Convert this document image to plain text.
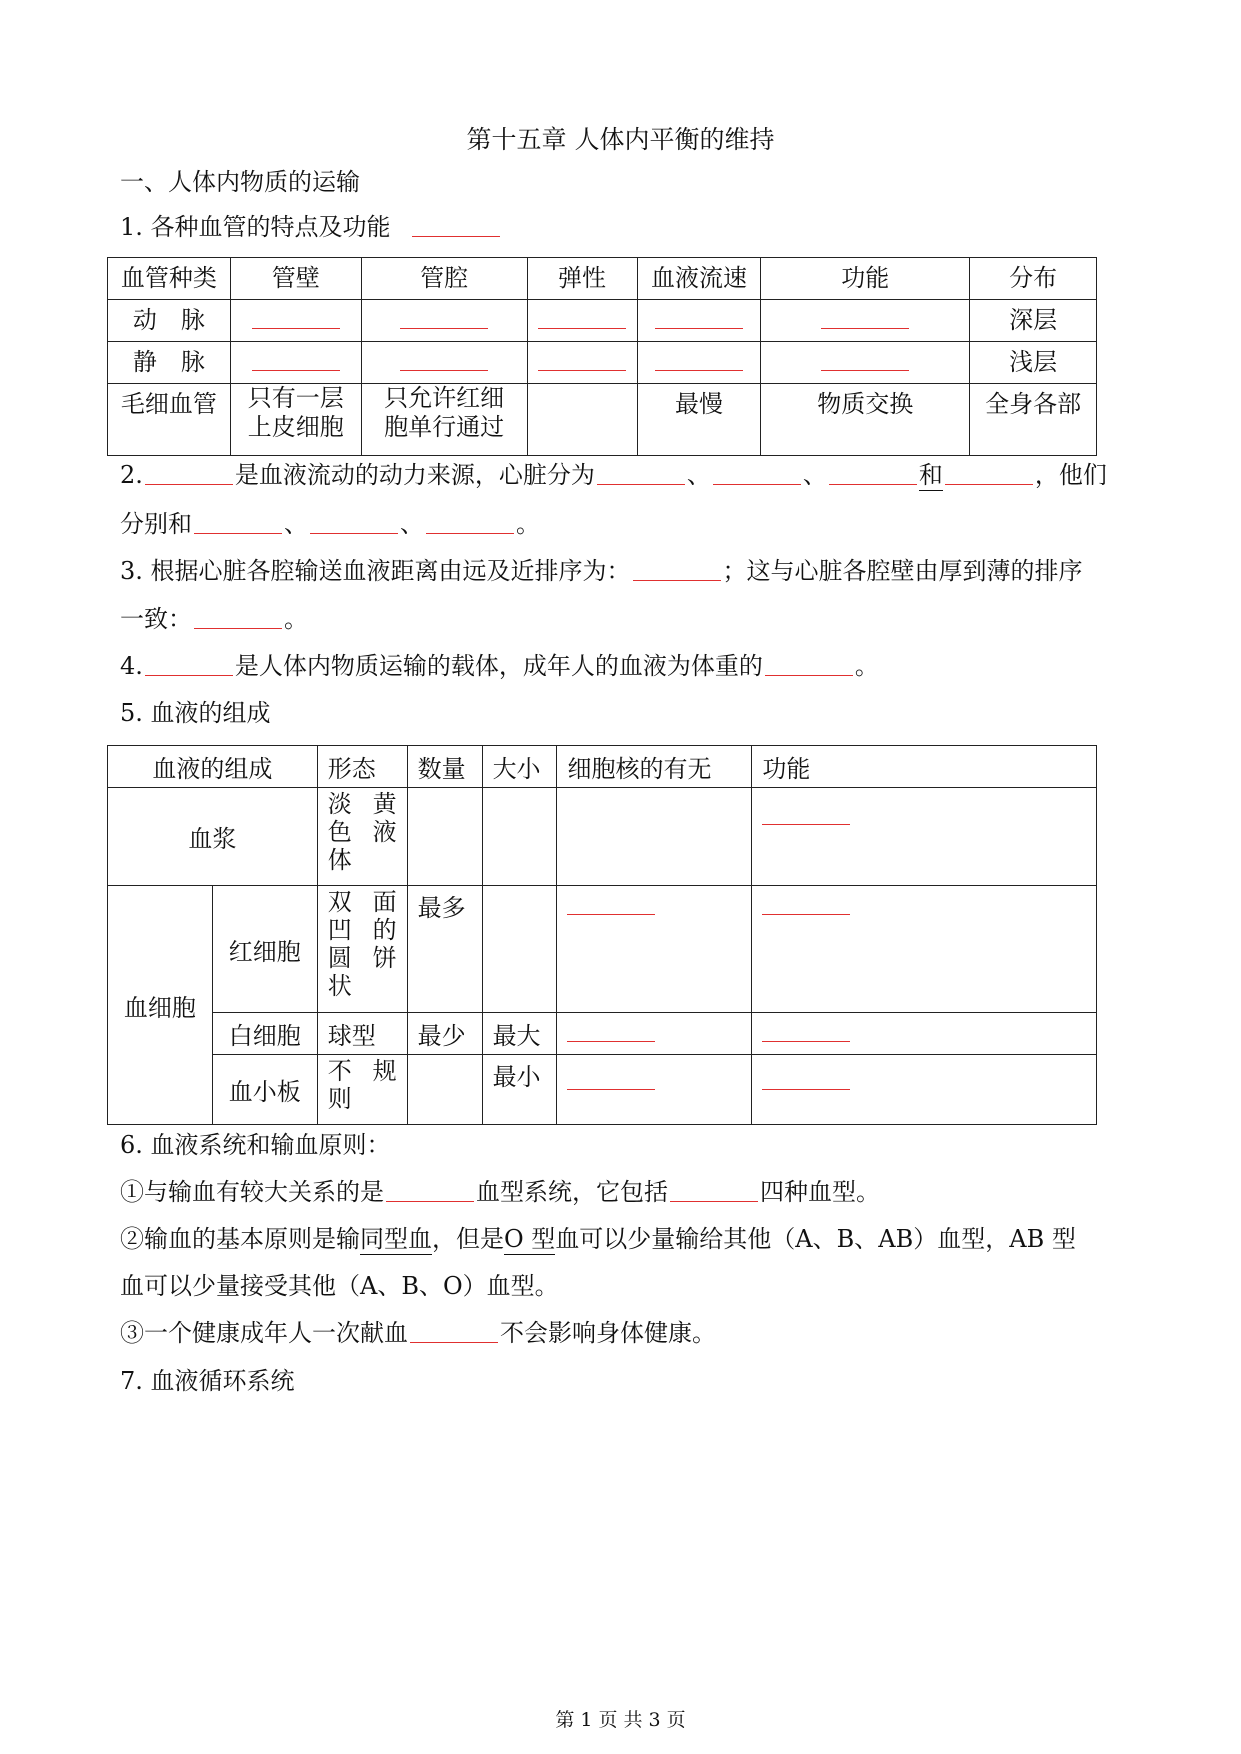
第十五章 人体内平衡的维持
一、人体内物质的运输
1. 各种血管的特点及功能
血管种类	管壁	管腔	弹性	血液流速	功能	分布
动　脉						深层
静　脉						浅层
毛细血管	只有一层上皮细胞	只允许红细胞单行通过		最慢	物质交换	全身各部
2.	是血液流动的动力来源，心脏分为	、	、	和	，他们
分别和	、	、	。
3. 根据心脏各腔输送血液距离由远及近排序为：	；这与心脏各腔壁由厚到薄的排序
一致：	。
4.	是人体内物质运输的载体，成年人的血液为体重的	。
5. 血液的组成
血液的组成		形态	数量	大小	细胞核的有无	功能
血浆		淡黄色液体				

血细胞	红细胞	双面凹的圆饼状	最多			
	白细胞	球型	最少	最大		
	血小板	不规则		最小		
6. 血液系统和输血原则：
①与输血有较大关系的是	血型系统，它包括	四种血型。
②输血的基本原则是输同型血，但是O 型血可以少量输给其他（A、B、AB）血型，AB 型
血可以少量接受其他（A、B、O）血型。
③一个健康成年人一次献血	不会影响身体健康。
7. 血液循环系统
第 1 页 共 3 页
